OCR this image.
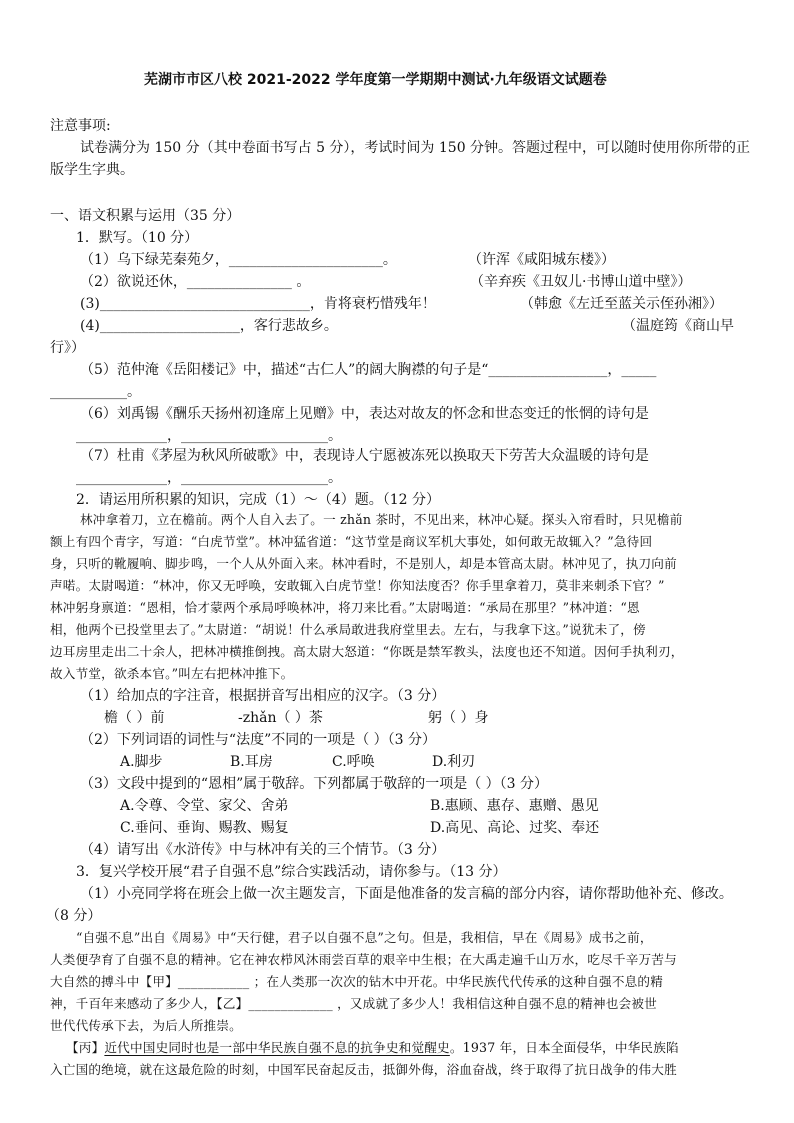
芜湖市市区八校 2021-2022 学年度第一学期期中测试·九年级语文试题卷
注意事项:
试卷满分为 150 分（其中卷面书写占 5 分），考试时间为 150 分钟。答题过程中，可以随时使用你所带的正
版学生字典。
一、语文积累与运用（35 分）
1．默写。（10 分）
（1）乌下绿芜秦苑夕，______________________。	（许浑《咸阳城东楼》）
（2）欲说还休，_______________ 。	（辛弃疾《丑奴儿·书博山道中壁》）
(3)______________________________，肯将衰朽惜残年！	（韩愈《左迁至蓝关示侄孙湘》）
(4)____________________，客行悲故乡。	（温庭筠《商山早
行》）
（5）范仲淹《岳阳楼记》中，描述“古仁人”的阔大胸襟的句子是“_________________，_____
___________。
（6）刘禹锡《酬乐天扬州初逢席上见赠》中，表达对故友的怀念和世态变迁的怅惘的诗句是
_____________，_____________________。
（7）杜甫《茅屋为秋风所破歌》中，表现诗人宁愿被冻死以换取天下劳苦大众温暖的诗句是
_____________，_____________________。
2．请运用所积累的知识，完成（1）～（4）题。（12 分）
林冲拿着刀，立在檐前。两个人自入去了。一 zhǎn 茶时，不见出来，林冲心疑。探头入帘看时，只见檐前
额上有四个青字，写道：“白虎节堂”。林冲猛省道：“这节堂是商议军机大事处，如何敢无故辄入？”急待回
身，只听的靴履响、脚步鸣，一个人从外面入来。林冲看时，不是别人，却是本管高太尉。林冲见了，执刀向前
声喏。太尉喝道：“林冲，你又无呼唤，安敢辄入白虎节堂！你知法度否？你手里拿着刀，莫非来刺杀下官？”
林冲躬身禀道：“恩相，恰才蒙两个承局呼唤林冲，将刀来比看。”太尉喝道：“承局在那里？”林冲道：“恩
相，他两个已投堂里去了。”太尉道：“胡说！什么承局敢进我府堂里去。左右，与我拿下这。”说犹未了，傍
边耳房里走出二十余人，把林冲横推倒拽。高太尉大怒道：“你既是禁军教头，法度也还不知道。因何手执利刃，
故入节堂，欲杀本官。”叫左右把林冲推下。
（1）给加点的字注音，根据拼音写出相应的汉字。（3 分）
檐（ ）前	-zhǎn（ ）茶	躬（ ）身
（2）下列词语的词性与“法度”不同的一项是（ ）（3 分）
A.脚步	B.耳房	C.呼唤	D.利刃
（3）文段中提到的“恩相”属于敬辞。下列都属于敬辞的一项是（ ）（3 分）
A.令尊、令堂、家父、舍弟	B.惠顾、惠存、惠赠、愚见
C.垂问、垂询、赐教、赐复	D.高见、高论、过奖、奉还
（4）请写出《水浒传》中与林冲有关的三个情节。（3 分）
3．复兴学校开展“君子自强不息”综合实践活动，请你参与。（13 分）
（1）小亮同学将在班会上做一次主题发言，下面是他准备的发言稿的部分内容，请你帮助他补充、修改。
（8 分）
“自强不息”出自《周易》中“天行健，君子以自强不息”之句。但是，我相信，早在《周易》成书之前，
人类便孕育了自强不息的精神。它在神农栉风沐雨尝百草的艰辛中生根；在大禹走遍千山万水，吃尽千辛万苦与
大自然的搏斗中【甲】___________ ；在人类那一次次的钻木中开花。中华民族代代传承的这种自强不息的精
神，千百年来感动了多少人，【乙】_____________ ，又成就了多少人！我相信这种自强不息的精神也会被世
世代代传承下去，为后人所推崇。
【丙】近代中国史同时也是一部中华民族自强不息的抗争史和觉醒史。1937 年，日本全面侵华，中华民族陷
入亡国的绝境，就在这最危险的时刻，中国军民奋起反击，抵御外侮，浴血奋战，终于取得了抗日战争的伟大胜
